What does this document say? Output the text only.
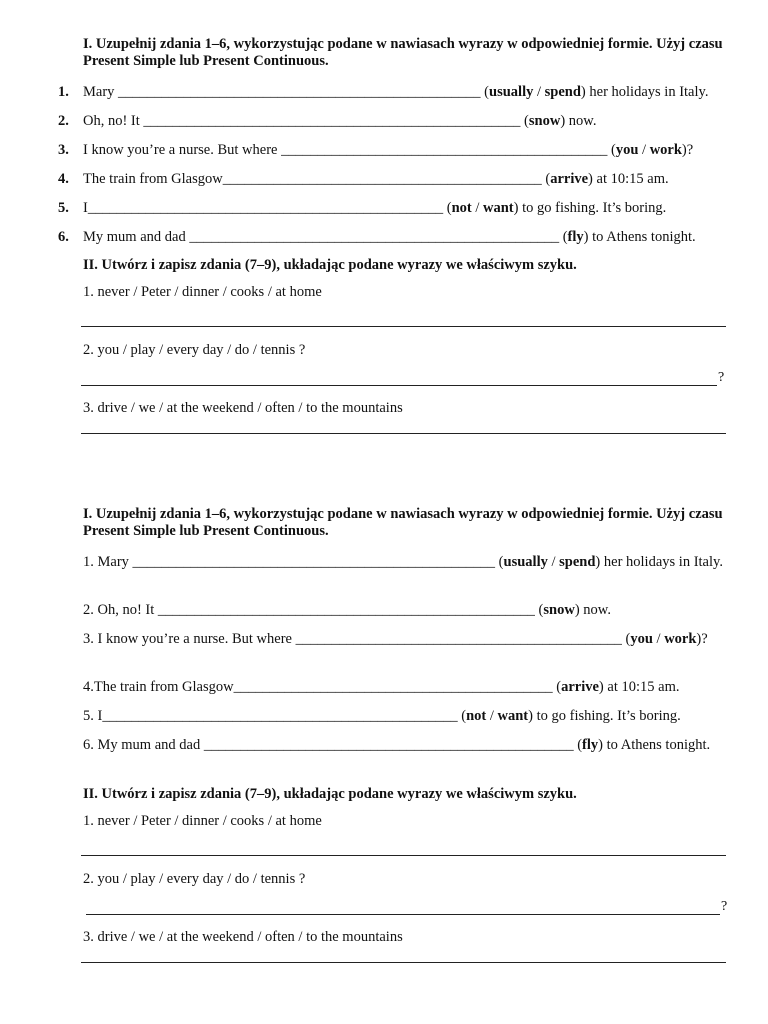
I. Uzupełnij zdania 1–6, wykorzystując podane w nawiasach wyrazy w odpowiedniej formie. Użyj czasu Present Simple lub Present Continuous.
1. Mary __________________________________________________ (usually / spend) her holidays in Italy.
2. Oh, no! It ____________________________________________________ (snow) now.
3. I know you’re a nurse. But where _____________________________________________ (you / work)?
4. The train from Glasgow____________________________________________ (arrive) at 10:15 am.
5. I_________________________________________________ (not / want) to go fishing. It’s boring.
6. My mum and dad ___________________________________________________ (fly) to Athens tonight.
II. Utwórz i zapisz zdania (7–9), układając podane wyrazy we właściwym szyku.
1. never / Peter / dinner / cooks / at home
2. you / play / every day / do / tennis ?
?
3. drive / we / at the weekend / often / to the mountains
I. Uzupełnij zdania 1–6, wykorzystując podane w nawiasach wyrazy w odpowiedniej formie. Użyj czasu Present Simple lub Present Continuous.
1. Mary __________________________________________________ (usually / spend) her holidays in Italy.
2. Oh, no! It ____________________________________________________ (snow) now.
3. I know you’re a nurse. But where _____________________________________________ (you / work)?
4.The train from Glasgow____________________________________________ (arrive) at 10:15 am.
5. I_________________________________________________ (not / want) to go fishing. It’s boring.
6. My mum and dad ___________________________________________________ (fly) to Athens tonight.
II. Utwórz i zapisz zdania (7–9), układając podane wyrazy we właściwym szyku.
1. never / Peter / dinner / cooks / at home
2. you / play / every day / do / tennis ?
?
3. drive / we / at the weekend / often / to the mountains
